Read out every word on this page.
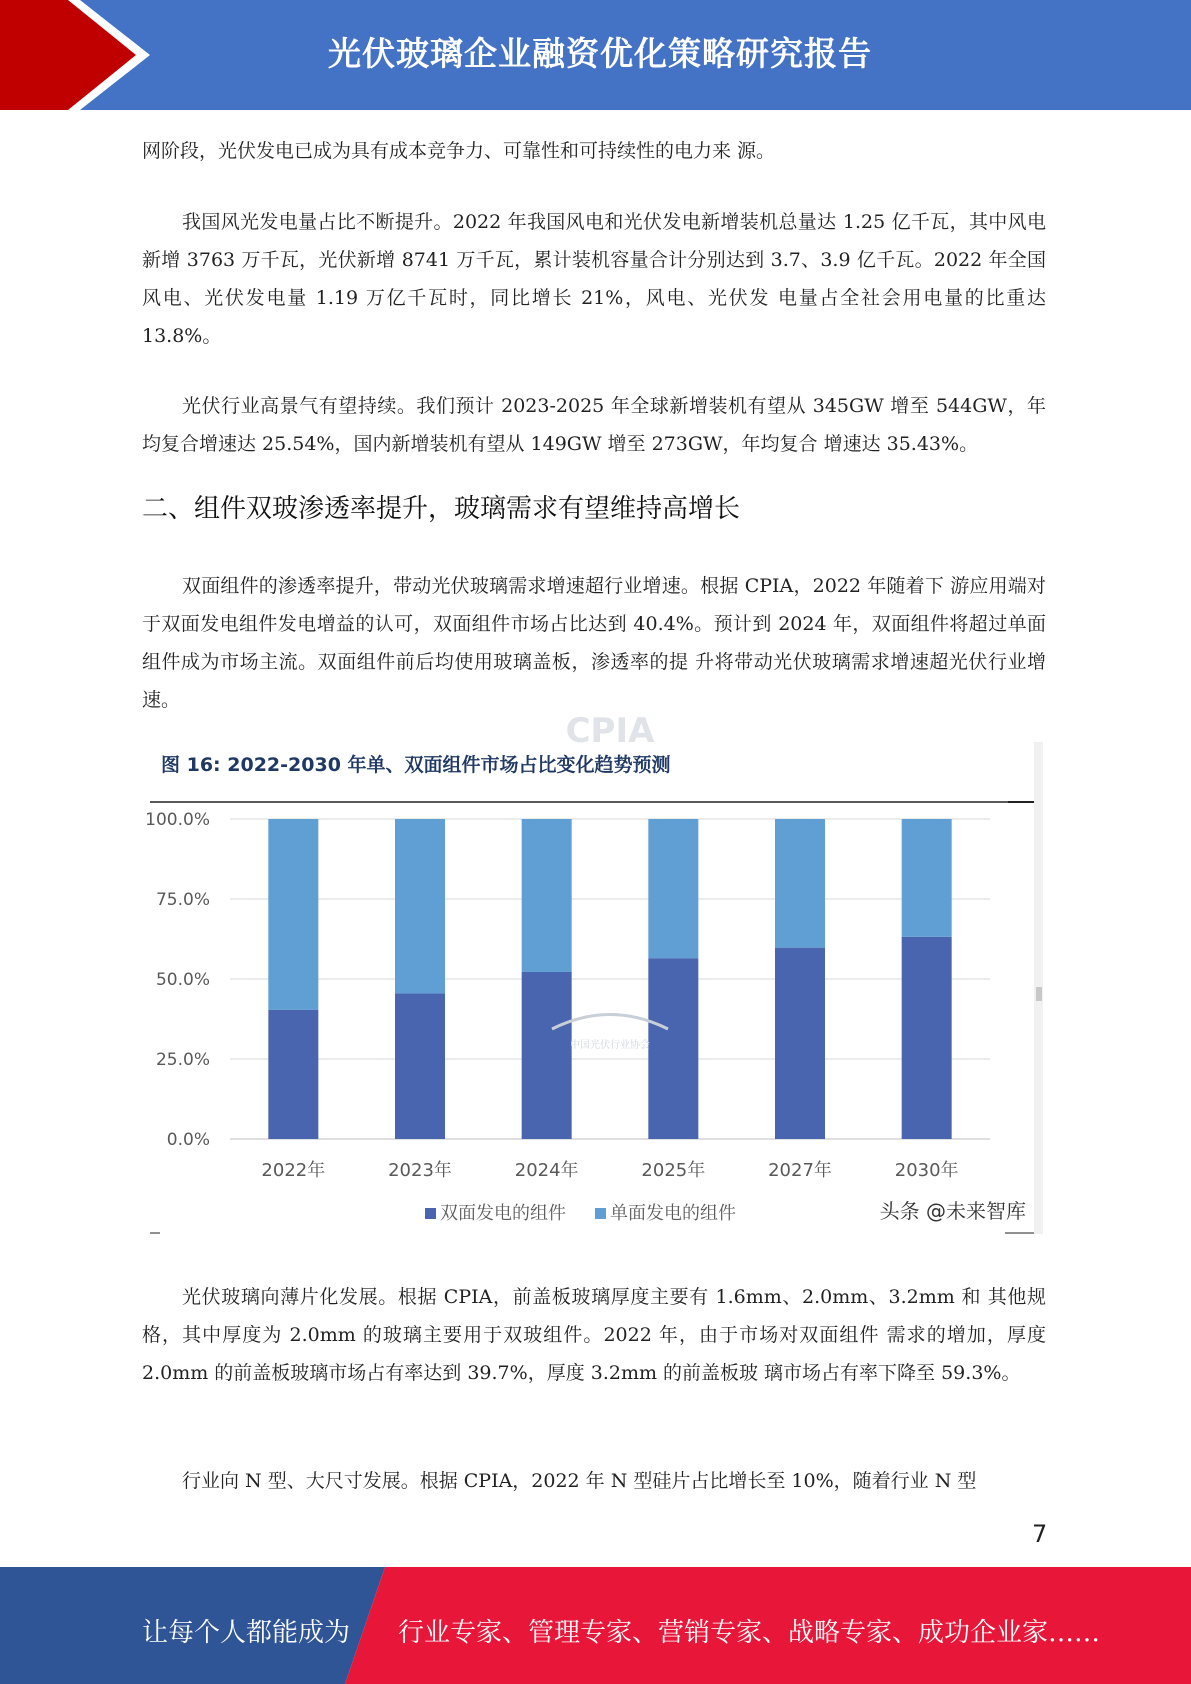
光伏玻璃企业融资优化策略研究报告

网阶段，光伏发电已成为具有成本竞争力、可靠性和可持续性的电力来 源。

我国风光发电量占比不断提升。2022 年我国风电和光伏发电新增装机总量达 1.25 亿千瓦，其中风电新增 3763 万千瓦，光伏新增 8741 万千瓦，累计装机容量合计分别达到 3.7、3.9 亿千瓦。2022 年全国风电、光伏发电量 1.19 万亿千瓦时，同比增长 21%，风电、光伏发 电量占全社会用电量的比重达 13.8%。

光伏行业高景气有望持续。我们预计 2023-2025 年全球新增装机有望从 345GW 增至 544GW，年均复合增速达 25.54%，国内新增装机有望从 149GW 增至 273GW，年均复合 增速达 35.43%。

二、组件双玻渗透率提升，玻璃需求有望维持高增长

双面组件的渗透率提升，带动光伏玻璃需求增速超行业增速。根据 CPIA，2022 年随着下 游应用端对于双面发电组件发电增益的认可，双面组件市场占比达到 40.4%。预计到 2024 年，双面组件将超过单面组件成为市场主流。双面组件前后均使用玻璃盖板，渗透率的提 升将带动光伏玻璃需求增速超光伏行业增速。

图 16: 2022-2030 年单、双面组件市场占比变化趋势预测
0.0%
25.0%
50.0%
75.0%
100.0%
CPIA
中国光伏行业协会
2022年	2023年	2024年	2025年	2027年	2030年
双面发电的组件 单面发电的组件	头条 @未来智库

光伏玻璃向薄片化发展。根据 CPIA，前盖板玻璃厚度主要有 1.6mm、2.0mm、3.2mm 和 其他规格，其中厚度为 2.0mm 的玻璃主要用于双玻组件。2022 年，由于市场对双面组件 需求的增加，厚度 2.0mm 的前盖板玻璃市场占有率达到 39.7%，厚度 3.2mm 的前盖板玻 璃市场占有率下降至 59.3%。

行业向 N 型、大尺寸发展。根据 CPIA，2022 年 N 型硅片占比增长至 10%，随着行业 N 型

7
让每个人都能成为 行业专家、管理专家、营销专家、战略专家、成功企业家……
